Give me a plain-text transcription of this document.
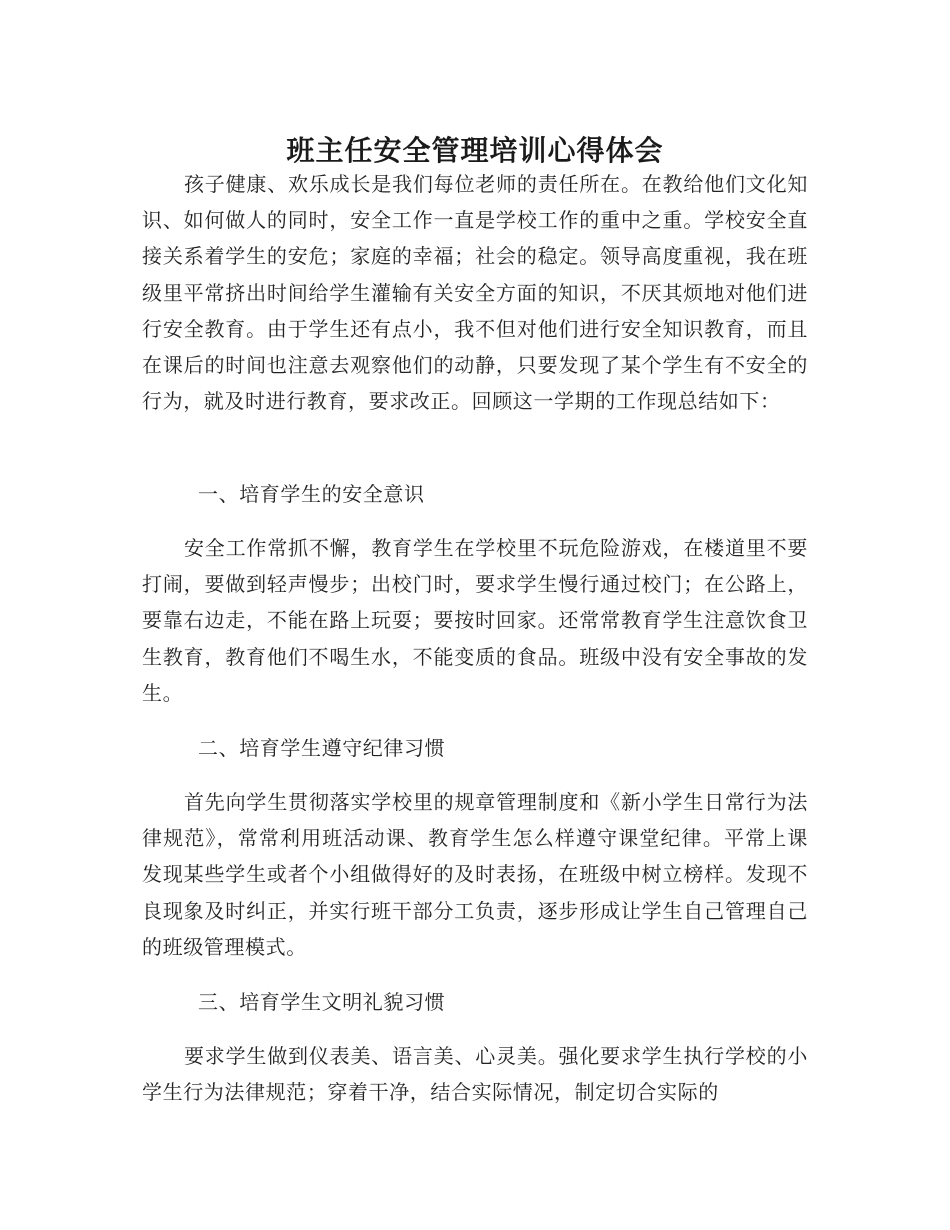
班主任安全管理培训心得体会

孩子健康、欢乐成长是我们每位老师的责任所在。在教给他们文化知识、如何做人的同时，安全工作一直是学校工作的重中之重。学校安全直接关系着学生的安危；家庭的幸福；社会的稳定。领导高度重视，我在班级里平常挤出时间给学生灌输有关安全方面的知识，不厌其烦地对他们进行安全教育。由于学生还有点小，我不但对他们进行安全知识教育，而且在课后的时间也注意去观察他们的动静，只要发现了某个学生有不安全的行为，就及时进行教育，要求改正。回顾这一学期的工作现总结如下：

一、培育学生的安全意识

安全工作常抓不懈，教育学生在学校里不玩危险游戏，在楼道里不要打闹，要做到轻声慢步；出校门时，要求学生慢行通过校门；在公路上，要靠右边走，不能在路上玩耍；要按时回家。还常常教育学生注意饮食卫生教育，教育他们不喝生水，不能变质的食品。班级中没有安全事故的发生。

二、培育学生遵守纪律习惯

首先向学生贯彻落实学校里的规章管理制度和《新小学生日常行为法律规范》，常常利用班活动课、教育学生怎么样遵守课堂纪律。平常上课发现某些学生或者个小组做得好的及时表扬，在班级中树立榜样。发现不良现象及时纠正，并实行班干部分工负责，逐步形成让学生自己管理自己的班级管理模式。

三、培育学生文明礼貌习惯

要求学生做到仪表美、语言美、心灵美。强化要求学生执行学校的小学生行为法律规范；穿着干净，结合实际情况，制定切合实际的
